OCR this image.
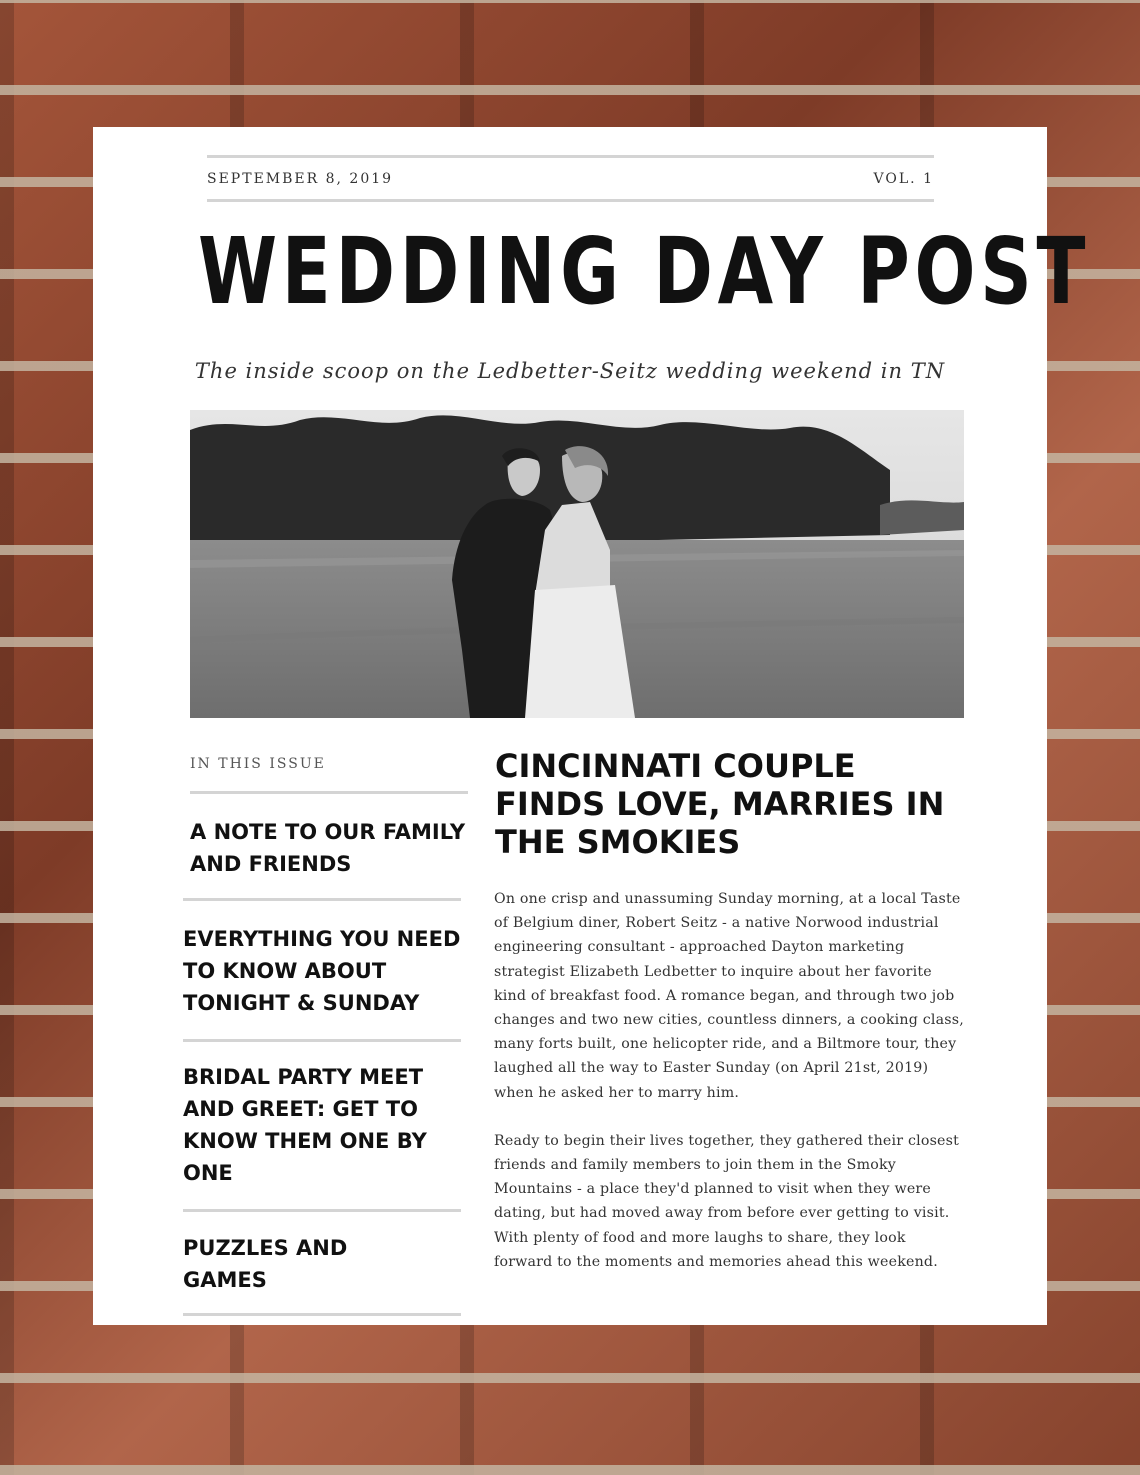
SEPTEMBER 8, 2019	VOL. 1
WEDDING DAY POST
The inside scoop on the Ledbetter-Seitz wedding weekend in TN
IN THIS ISSUE
A NOTE TO OUR FAMILY AND FRIENDS
EVERYTHING YOU NEED TO KNOW ABOUT TONIGHT & SUNDAY
BRIDAL PARTY MEET AND GREET: GET TO KNOW THEM ONE BY ONE
PUZZLES AND GAMES
CINCINNATI COUPLE FINDS LOVE, MARRIES IN THE SMOKIES

On one crisp and unassuming Sunday morning, at a local Taste of Belgium diner, Robert Seitz - a native Norwood industrial engineering consultant - approached Dayton marketing strategist Elizabeth Ledbetter to inquire about her favorite kind of breakfast food. A romance began, and through two job changes and two new cities, countless dinners, a cooking class, many forts built, one helicopter ride, and a Biltmore tour, they laughed all the way to Easter Sunday (on April 21st, 2019) when he asked her to marry him.

Ready to begin their lives together, they gathered their closest friends and family members to join them in the Smoky Mountains - a place they'd planned to visit when they were dating, but had moved away from before ever getting to visit. With plenty of food and more laughs to share, they look forward to the moments and memories ahead this weekend.
